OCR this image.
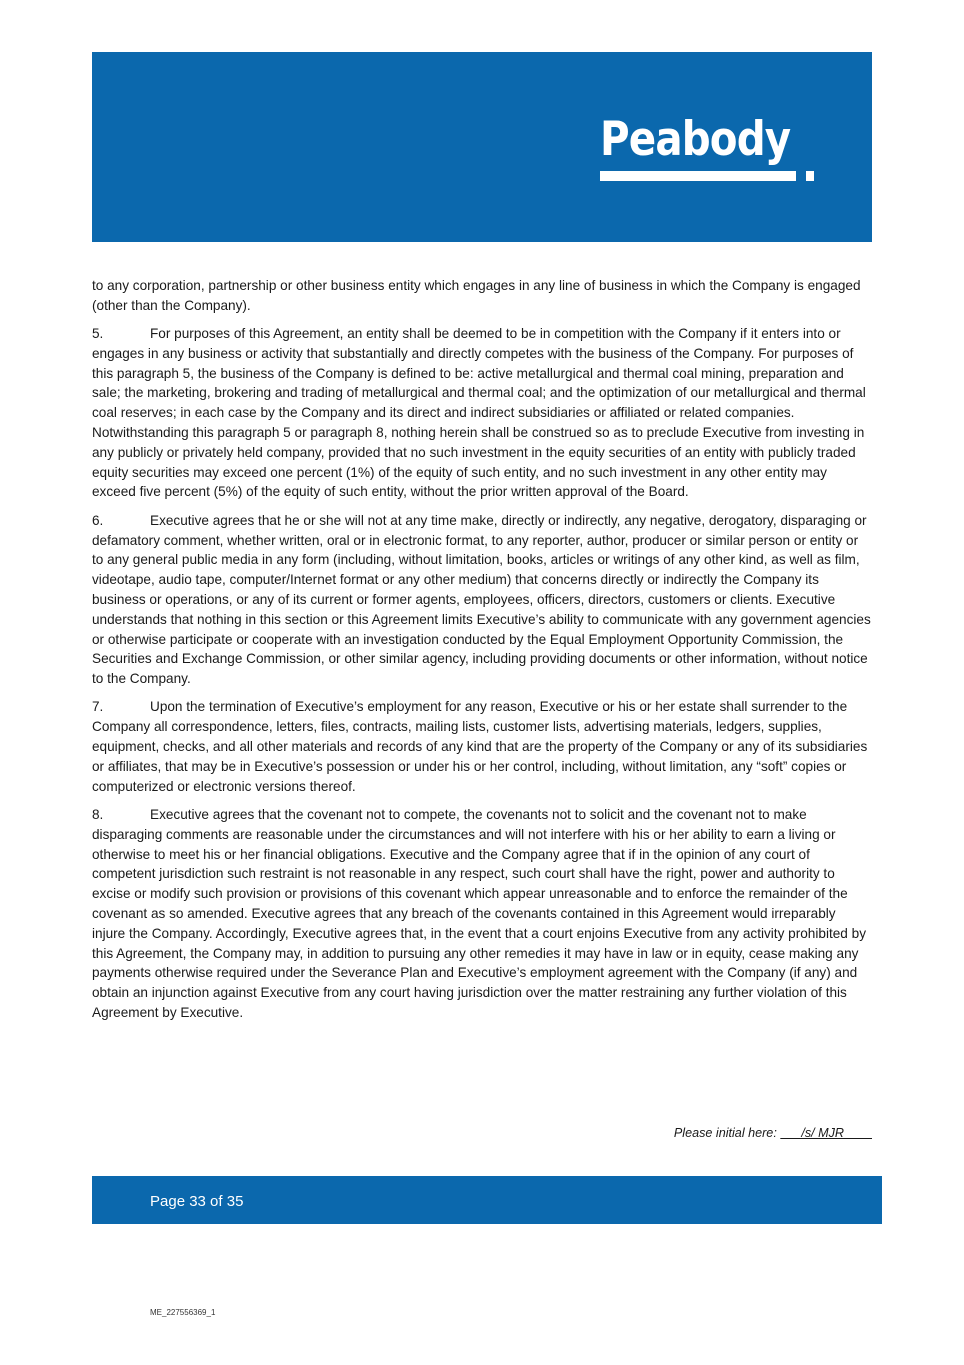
Peabody

to any corporation, partnership or other business entity which engages in any line of business in which the Company is engaged (other than the Company).

5.	For purposes of this Agreement, an entity shall be deemed to be in competition with the Company if it enters into or engages in any business or activity that substantially and directly competes with the business of the Company. For purposes of this paragraph 5, the business of the Company is defined to be: active metallurgical and thermal coal mining, preparation and sale; the marketing, brokering and trading of metallurgical and thermal coal; and the optimization of our metallurgical and thermal coal reserves; in each case by the Company and its direct and indirect subsidiaries or affiliated or related companies. Notwithstanding this paragraph 5 or paragraph 8, nothing herein shall be construed so as to preclude Executive from investing in any publicly or privately held company, provided that no such investment in the equity securities of an entity with publicly traded equity securities may exceed one percent (1%) of the equity of such entity, and no such investment in any other entity may exceed five percent (5%) of the equity of such entity, without the prior written approval of the Board.

6.	Executive agrees that he or she will not at any time make, directly or indirectly, any negative, derogatory, disparaging or defamatory comment, whether written, oral or in electronic format, to any reporter, author, producer or similar person or entity or to any general public media in any form (including, without limitation, books, articles or writings of any other kind, as well as film, videotape, audio tape, computer/Internet format or any other medium) that concerns directly or indirectly the Company its business or operations, or any of its current or former agents, employees, officers, directors, customers or clients. Executive understands that nothing in this section or this Agreement limits Executive’s ability to communicate with any government agencies or otherwise participate or cooperate with an investigation conducted by the Equal Employment Opportunity Commission, the Securities and Exchange Commission, or other similar agency, including providing documents or other information, without notice to the Company.

7.	Upon the termination of Executive’s employment for any reason, Executive or his or her estate shall surrender to the Company all correspondence, letters, files, contracts, mailing lists, customer lists, advertising materials, ledgers, supplies, equipment, checks, and all other materials and records of any kind that are the property of the Company or any of its subsidiaries or affiliates, that may be in Executive’s possession or under his or her control, including, without limitation, any “soft” copies or computerized or electronic versions thereof.

8.	Executive agrees that the covenant not to compete, the covenants not to solicit and the covenant not to make disparaging comments are reasonable under the circumstances and will not interfere with his or her ability to earn a living or otherwise to meet his or her financial obligations. Executive and the Company agree that if in the opinion of any court of competent jurisdiction such restraint is not reasonable in any respect, such court shall have the right, power and authority to excise or modify such provision or provisions of this covenant which appear unreasonable and to enforce the remainder of the covenant as so amended. Executive agrees that any breach of the covenants contained in this Agreement would irreparably injure the Company. Accordingly, Executive agrees that, in the event that a court enjoins Executive from any activity prohibited by this Agreement, the Company may, in addition to pursuing any other remedies it may have in law or in equity, cease making any payments otherwise required under the Severance Plan and Executive’s employment agreement with the Company (if any) and obtain an injunction against Executive from any court having jurisdiction over the matter restraining any further violation of this Agreement by Executive.

Please initial here:       /s/ MJR
Page 33 of 35
ME_227556369_1
